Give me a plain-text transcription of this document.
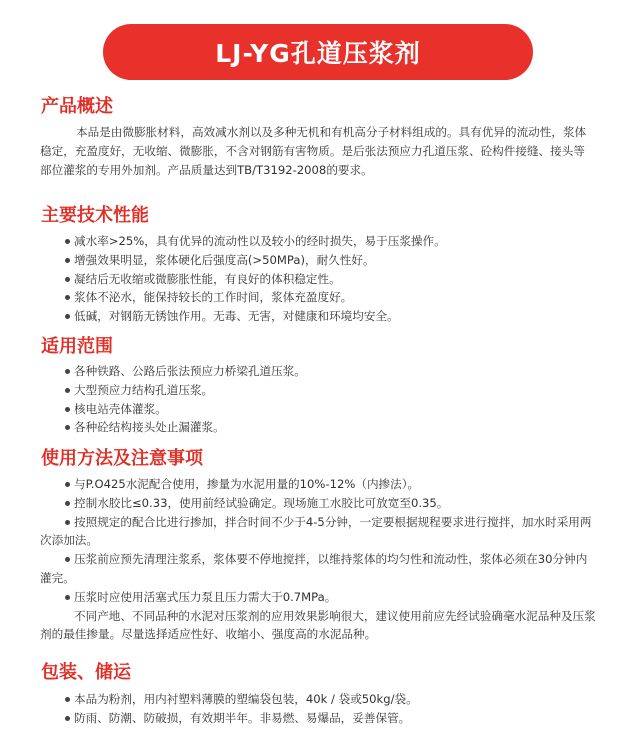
LJ-YG孔道压浆剂
产品概述
本品是由微膨胀材料，高效减水剂以及多种无机和有机高分子材料组成的。具有优异的流动性，浆体稳定，充盈度好，无收缩、微膨胀，不含对钢筋有害物质。是后张法预应力孔道压浆、砼构件接缝、接头等部位灌浆的专用外加剂。产品质量达到TB/T3192-2008的要求。
主要技术性能
减水率>25%，具有优异的流动性以及较小的经时损失，易于压浆操作。
增强效果明显，浆体硬化后强度高(>50MPa)，耐久性好。
凝结后无收缩或微膨胀性能，有良好的体积稳定性。
浆体不泌水，能保持较长的工作时间，浆体充盈度好。
低碱，对钢筋无锈蚀作用。无毒、无害，对健康和环境均安全。
适用范围
各种铁路、公路后张法预应力桥梁孔道压浆。
大型预应力结构孔道压浆。
核电站壳体灌浆。
各种砼结构接头处止漏灌浆。
使用方法及注意事项
与P.O425水泥配合使用，掺量为水泥用量的10%-12%（内掺法）。
控制水胶比≤0.33，使用前经试验确定。现场施工水胶比可放宽至0.35。
按照规定的配合比进行掺加，拌合时间不少于4-5分钟，一定要根据规程要求进行搅拌，加水时采用两次添加法。
压浆前应预先清理注浆系，浆体要不停地搅拌，以维持浆体的均匀性和流动性，浆体必须在30分钟内灌完。
压浆时应使用活塞式压力泵且压力需大于0.7MPa。
不同产地、不同品种的水泥对压浆剂的应用效果影响很大，建议使用前应先经试验确毫水泥品种及压浆剂的最佳掺量。尽量选择适应性好、收缩小、强度高的水泥品种。
包装、储运
本品为粉剂，用内衬塑料薄膜的塑编袋包装，40k / 袋或50kg/袋。
防雨、防潮、防破损，有效期半年。非易燃、易爆品，妥善保管。
